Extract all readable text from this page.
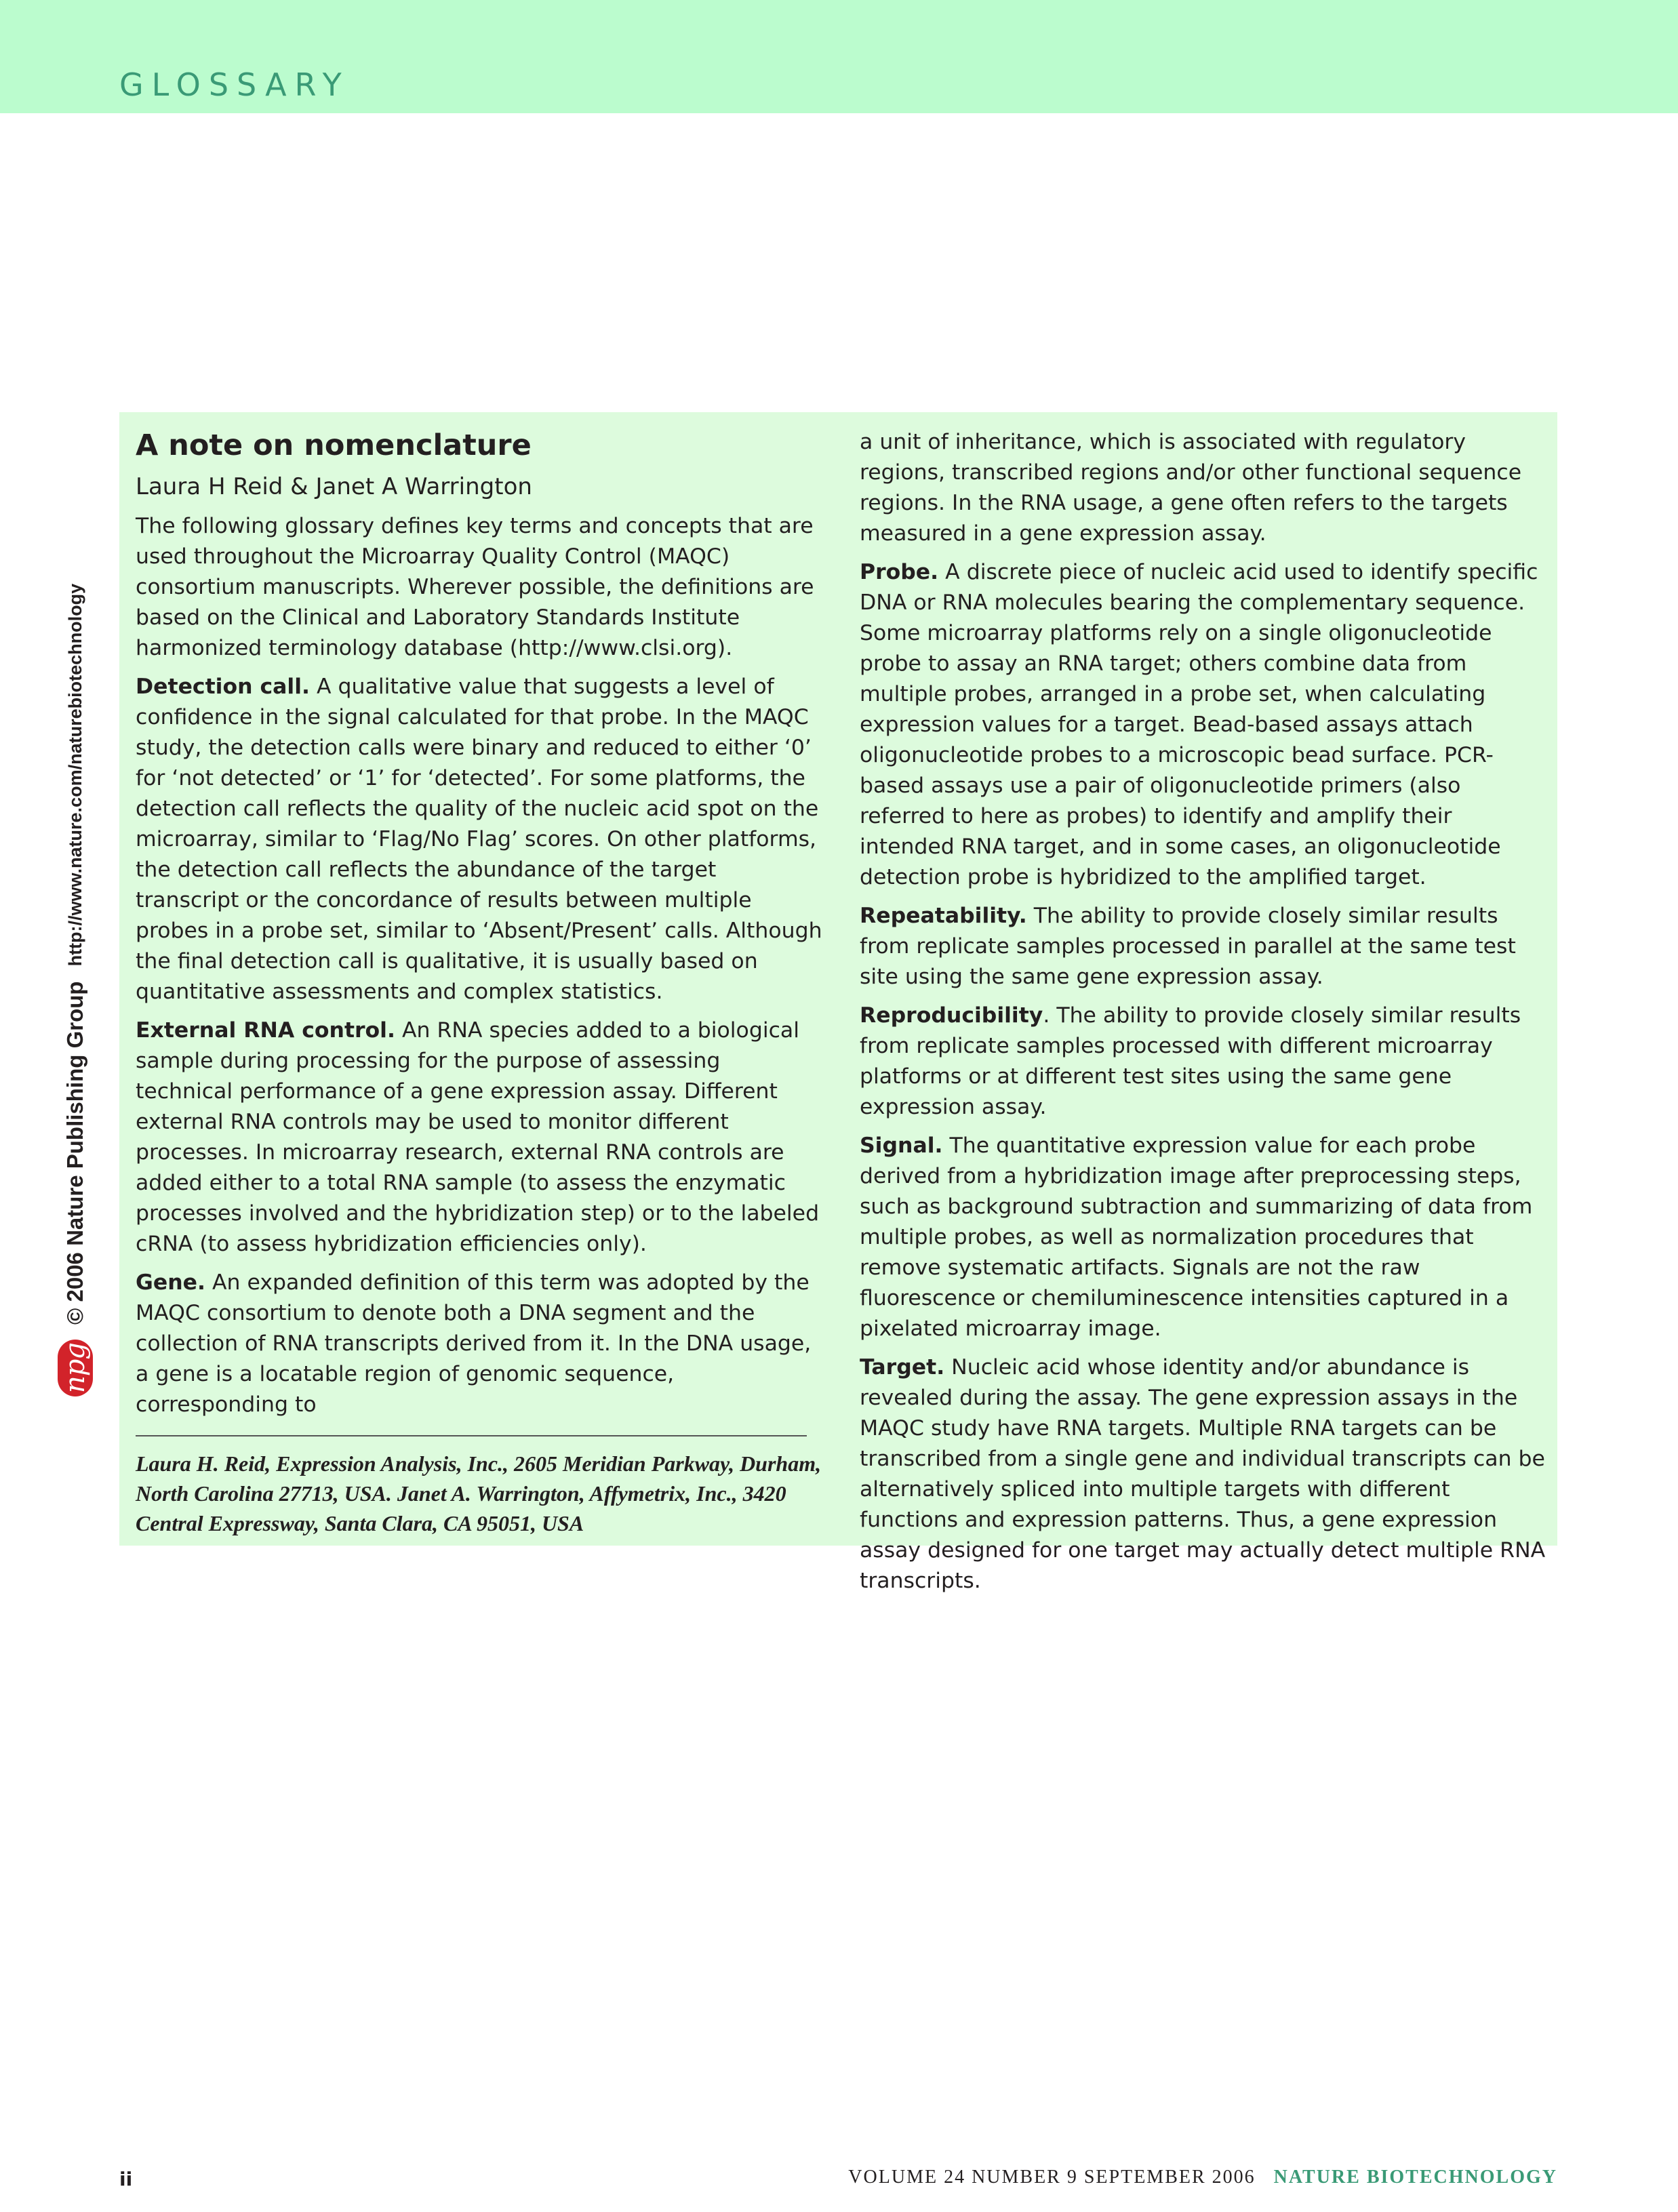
GLOSSARY
npg
© 2006 Nature Publishing Group
http://www.nature.com/naturebiotechnology
A note on nomenclature

Laura H Reid & Janet A Warrington

The following glossary defines key terms and concepts that are used throughout the Microarray Quality Control (MAQC) consortium manuscripts. Wherever possible, the definitions are based on the Clinical and Laboratory Standards Institute harmonized terminology database (http://www.clsi.org).

Detection call. A qualitative value that suggests a level of confidence in the signal calculated for that probe. In the MAQC study, the detection calls were binary and reduced to either ‘0’ for ‘not detected’ or ‘1’ for ‘detected’. For some platforms, the detection call reflects the quality of the nucleic acid spot on the microarray, similar to ‘Flag/No Flag’ scores. On other platforms, the detection call reflects the abundance of the target transcript or the concordance of results between multiple probes in a probe set, similar to ‘Absent/Present’ calls. Although the final detection call is qualitative, it is usually based on quantitative assessments and complex statistics.

External RNA control. An RNA species added to a biological sample during processing for the purpose of assessing technical performance of a gene expression assay. Different external RNA controls may be used to monitor different processes. In microarray research, external RNA controls are added either to a total RNA sample (to assess the enzymatic processes involved and the hybridization step) or to the labeled cRNA (to assess hybridization efficiencies only).

Gene. An expanded definition of this term was adopted by the MAQC consortium to denote both a DNA segment and the collection of RNA transcripts derived from it. In the DNA usage, a gene is a locatable region of genomic sequence, corresponding to

Laura H. Reid, Expression Analysis, Inc., 2605 Meridian Parkway, Durham, North Carolina 27713, USA. Janet A. Warrington, Affymetrix, Inc., 3420 Central Expressway, Santa Clara, CA 95051, USA

a unit of inheritance, which is associated with regulatory regions, transcribed regions and/or other functional sequence regions. In the RNA usage, a gene often refers to the targets measured in a gene expression assay.

Probe. A discrete piece of nucleic acid used to identify specific DNA or RNA molecules bearing the complementary sequence. Some microarray platforms rely on a single oligonucleotide probe to assay an RNA target; others combine data from multiple probes, arranged in a probe set, when calculating expression values for a target. Bead-based assays attach oligonucleotide probes to a microscopic bead surface. PCR-based assays use a pair of oligonucleotide primers (also referred to here as probes) to identify and amplify their intended RNA target, and in some cases, an oligonucleotide detection probe is hybridized to the amplified target.

Repeatability. The ability to provide closely similar results from replicate samples processed in parallel at the same test site using the same gene expression assay.

Reproducibility. The ability to provide closely similar results from replicate samples processed with different microarray platforms or at different test sites using the same gene expression assay.

Signal. The quantitative expression value for each probe derived from a hybridization image after preprocessing steps, such as background subtraction and summarizing of data from multiple probes, as well as normalization procedures that remove systematic artifacts. Signals are not the raw fluorescence or chemiluminescence intensities captured in a pixelated microarray image.

Target. Nucleic acid whose identity and/or abundance is revealed during the assay. The gene expression assays in the MAQC study have RNA targets. Multiple RNA targets can be transcribed from a single gene and individual transcripts can be alternatively spliced into multiple targets with different functions and expression patterns. Thus, a gene expression assay designed for one target may actually detect multiple RNA transcripts.

ii	VOLUME 24 NUMBER 9 SEPTEMBER 2006 NATURE BIOTECHNOLOGY
